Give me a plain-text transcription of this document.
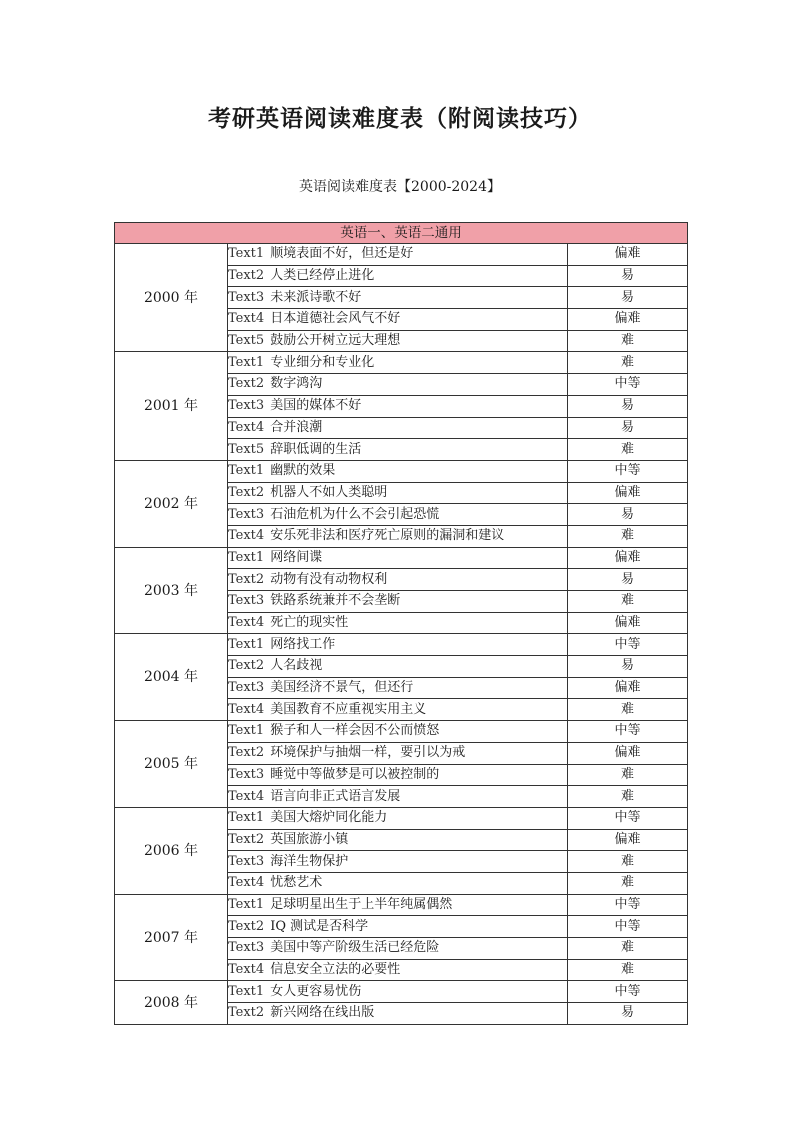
考研英语阅读难度表（附阅读技巧）
英语阅读难度表【2000-2024】
英语一、英语二通用		
2000 年	Text1 顺境表面不好，但还是好	偏难
	Text2 人类已经停止进化	易
	Text3 未来派诗歌不好	易
	Text4 日本道德社会风气不好	偏难
	Text5 鼓励公开树立远大理想	难
2001 年	Text1 专业细分和专业化	难
	Text2 数字鸿沟	中等
	Text3 美国的媒体不好	易
	Text4 合并浪潮	易
	Text5 辞职低调的生活	难
2002 年	Text1 幽默的效果	中等
	Text2 机器人不如人类聪明	偏难
	Text3 石油危机为什么不会引起恐慌	易
	Text4 安乐死非法和医疗死亡原则的漏洞和建议	难
2003 年	Text1 网络间谍	偏难
	Text2 动物有没有动物权利	易
	Text3 铁路系统兼并不会垄断	难
	Text4 死亡的现实性	偏难
2004 年	Text1 网络找工作	中等
	Text2 人名歧视	易
	Text3 美国经济不景气，但还行	偏难
	Text4 美国教育不应重视实用主义	难
2005 年	Text1 猴子和人一样会因不公而愤怒	中等
	Text2 环境保护与抽烟一样，要引以为戒	偏难
	Text3 睡觉中等做梦是可以被控制的	难
	Text4 语言向非正式语言发展	难
2006 年	Text1 美国大熔炉同化能力	中等
	Text2 英国旅游小镇	偏难
	Text3 海洋生物保护	难
	Text4 忧愁艺术	难
2007 年	Text1 足球明星出生于上半年纯属偶然	中等
	Text2 IQ 测试是否科学	中等
	Text3 美国中等产阶级生活已经危险	难
	Text4 信息安全立法的必要性	难
2008 年	Text1 女人更容易忧伤	中等
	Text2 新兴网络在线出版	易
